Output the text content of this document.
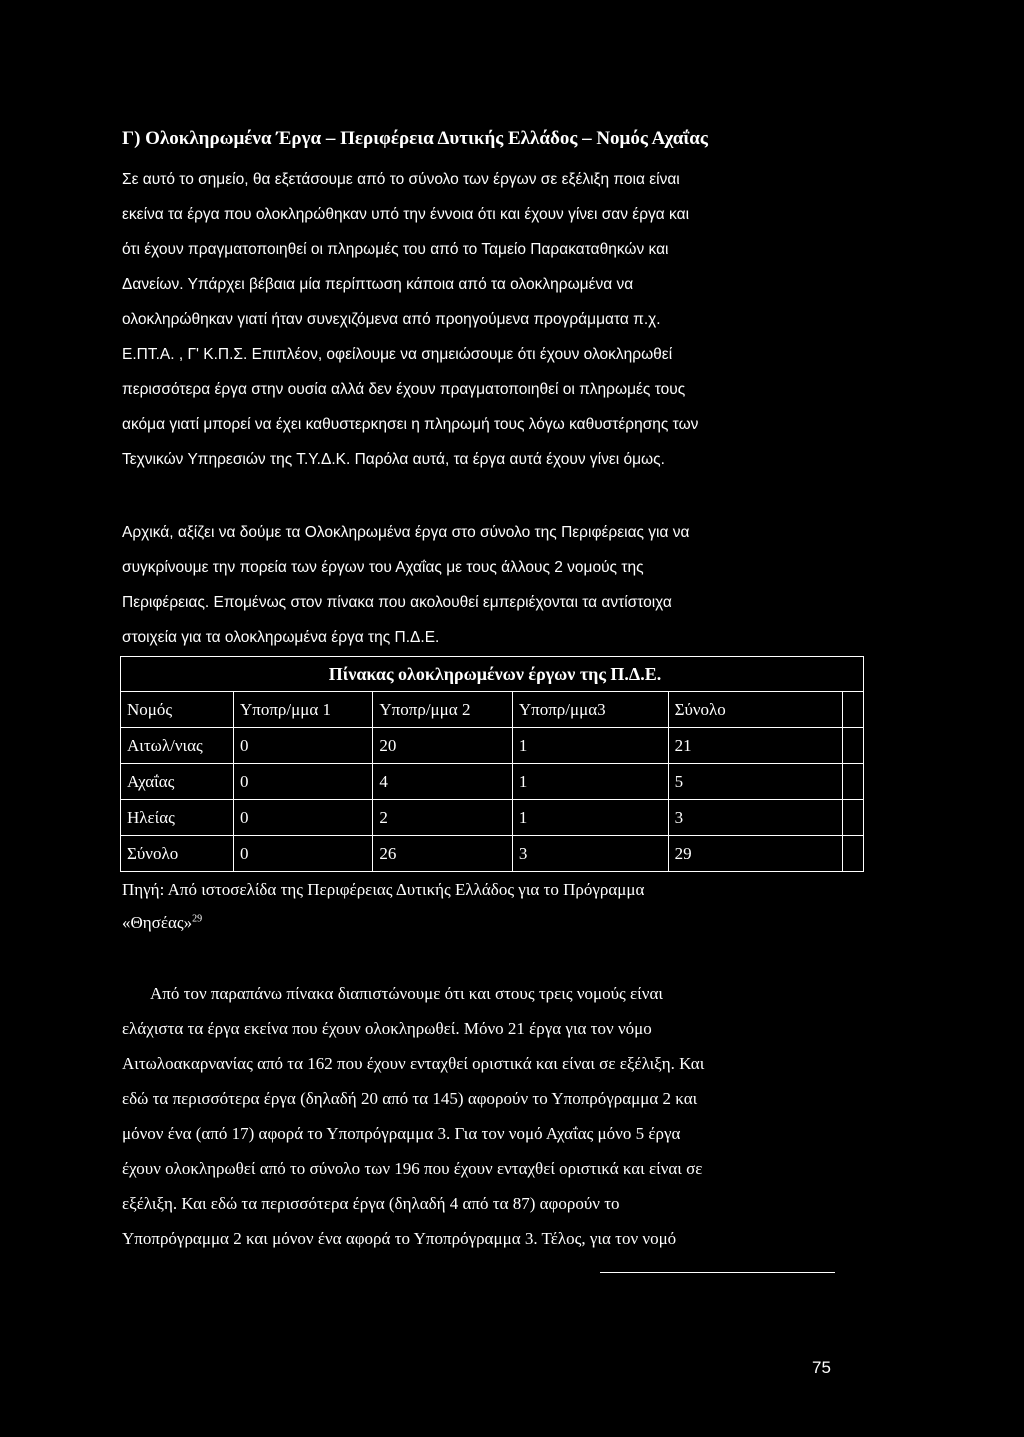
Γ) Ολοκληρωμένα Έργα – Περιφέρεια Δυτικής Ελλάδος – Νομός Αχαΐας
Σε αυτό το σημείο, θα εξετάσουμε από το σύνολο των έργων σε εξέλιξη ποια είναι
εκείνα τα έργα που ολοκληρώθηκαν υπό την έννοια ότι και έχουν γίνει σαν έργα και
ότι έχουν πραγματοποιηθεί οι πληρωμές του από το Ταμείο Παρακαταθηκών και
Δανείων. Υπάρχει βέβαια μία περίπτωση κάποια από τα ολοκληρωμένα να
ολοκληρώθηκαν γιατί ήταν συνεχιζόμενα από προηγούμενα προγράμματα π.χ.
Ε.ΠΤ.Α. , Γ' Κ.Π.Σ. Επιπλέον, οφείλουμε να σημειώσουμε ότι έχουν ολοκληρωθεί
περισσότερα έργα στην ουσία αλλά δεν έχουν πραγματοποιηθεί οι πληρωμές τους
ακόμα γιατί μπορεί να έχει καθυστερκησει η πληρωμή τους λόγω καθυστέρησης των
Τεχνικών Υπηρεσιών της Τ.Υ.Δ.Κ. Παρόλα αυτά, τα έργα αυτά έχουν γίνει όμως.
Αρχικά, αξίζει να δούμε τα Ολοκληρωμένα έργα στο σύνολο της Περιφέρειας για να
συγκρίνουμε την πορεία των έργων του Αχαΐας με τους άλλους 2 νομούς της
Περιφέρειας. Επομένως στον πίνακα που ακολουθεί εμπεριέχονται τα αντίστοιχα
στοιχεία για τα ολοκληρωμένα έργα της Π.Δ.Ε.
Πίνακας ολοκληρωμένων έργων της Π.Δ.Ε.					
Νομός	Υποπρ/μμα 1	Υποπρ/μμα 2	Υποπρ/μμα3	Σύνολο	
Αιτωλ/νιας	0	20	1	21	
Αχαΐας	0	4	1	5	
Ηλείας	0	2	1	3	
Σύνολο	0	26	3	29	
Πηγή: Από ιστοσελίδα της Περιφέρειας Δυτικής Ελλάδος για το Πρόγραμμα
«Θησέας»$^{29}$
Από τον παραπάνω πίνακα διαπιστώνουμε ότι και στους τρεις νομούς είναι
ελάχιστα τα έργα εκείνα που έχουν ολοκληρωθεί. Μόνο 21 έργα για τον νόμο
Αιτωλοακαρνανίας από τα 162 που έχουν ενταχθεί οριστικά και είναι σε εξέλιξη. Και
εδώ τα περισσότερα έργα (δηλαδή 20 από τα 145) αφορούν το Υποπρόγραμμα 2 και
μόνον ένα (από 17) αφορά το Υποπρόγραμμα 3. Για τον νομό Αχαΐας μόνο 5 έργα
έχουν ολοκληρωθεί από το σύνολο των 196 που έχουν ενταχθεί οριστικά και είναι σε
εξέλιξη. Και εδώ τα περισσότερα έργα (δηλαδή 4 από τα 87) αφορούν το
Υποπρόγραμμα 2 και μόνον ένα αφορά το Υποπρόγραμμα 3. Τέλος, για τον νομό
75
